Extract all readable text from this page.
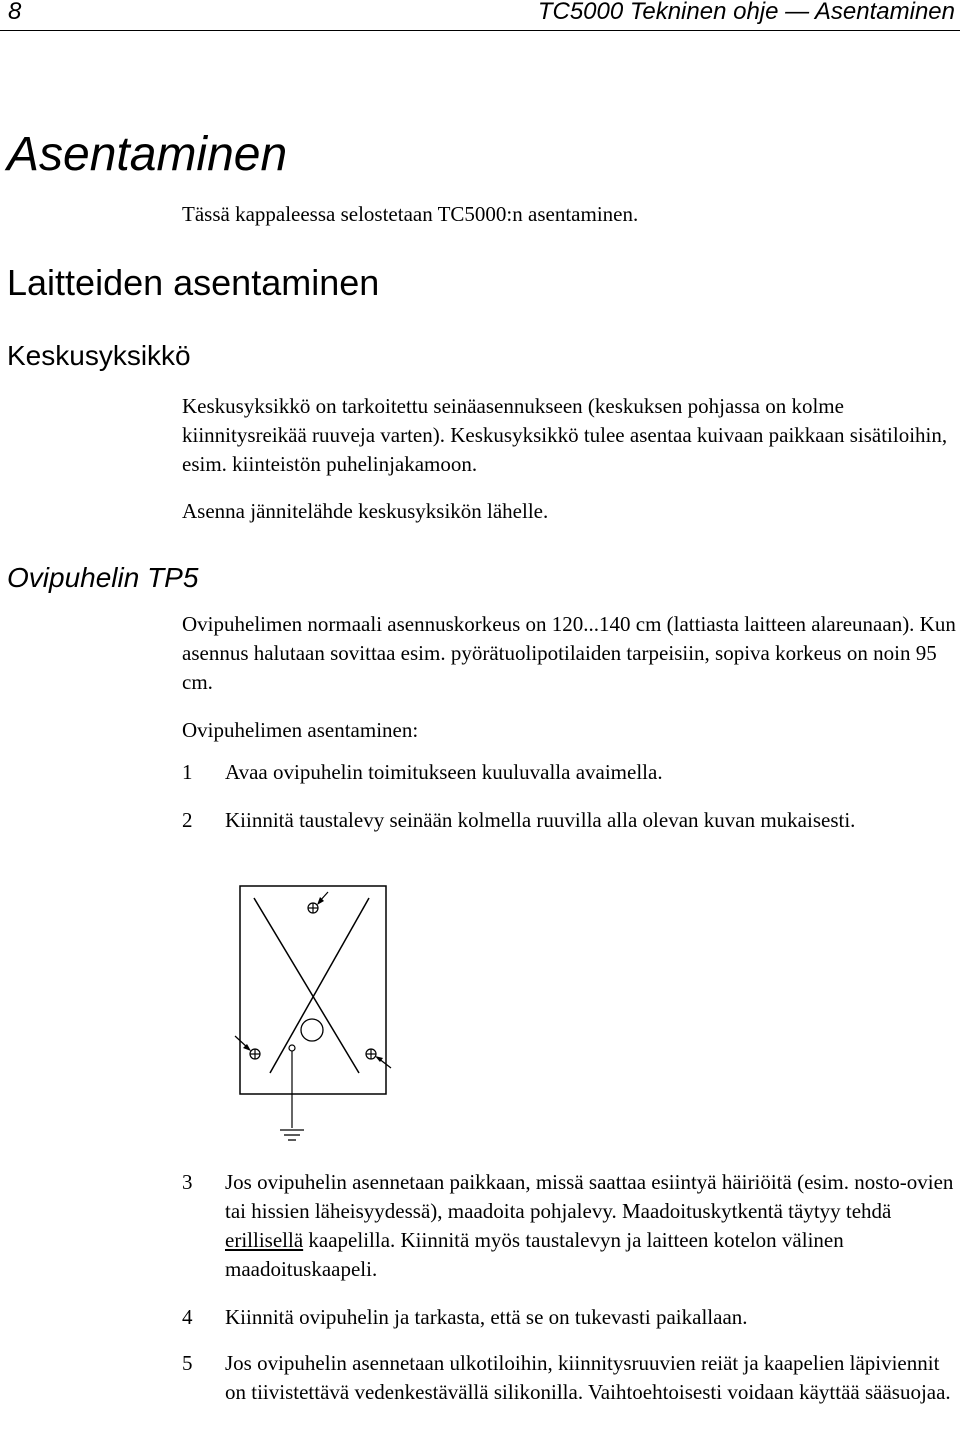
8	TC5000 Tekninen ohje — Asentaminen
Asentaminen
Tässä kappaleessa selostetaan TC5000:n asentaminen.
Laitteiden asentaminen
Keskusyksikkö
Ovipuhelin TP5
Keskusyksikkö on tarkoitettu seinäasennukseen (keskuksen pohjassa on kolme kiinnitysreikää ruuveja varten). Keskusyksikkö tulee asentaa kuivaan paikkaan sisätiloihin, esim. kiinteistön puhelinjakamoon.
Asenna jännitelähde keskusyksikön lähelle.
Ovipuhelimen normaali asennuskorkeus on 120...140 cm (lattiasta laitteen alareunaan). Kun asennus halutaan sovittaa esim. pyörätuolipotilaiden tarpeisiin, sopiva korkeus on noin 95 cm.
Ovipuhelimen asentaminen:
1 Avaa ovipuhelin toimitukseen kuuluvalla avaimella.
2 Kiinnitä taustalevy seinään kolmella ruuvilla alla olevan kuvan mukaisesti.
3 Jos ovipuhelin asennetaan paikkaan, missä saattaa esiintyä häiriöitä (esim. nosto-ovien tai hissien läheisyydessä), maadoita pohjalevy. Maadoituskytkentä täytyy tehdä erillisellä kaapelilla. Kiinnitä myös taustalevyn ja laitteen kotelon välinen maadoituskaapeli.
4 Kiinnitä ovipuhelin ja tarkasta, että se on tukevasti paikallaan.
5 Jos ovipuhelin asennetaan ulkotiloihin, kiinnitysruuvien reiät ja kaapelien läpiviennit on tiivistettävä vedenkestävällä silikonilla. Vaihtoehtoisesti voidaan käyttää sääsuojaa.
